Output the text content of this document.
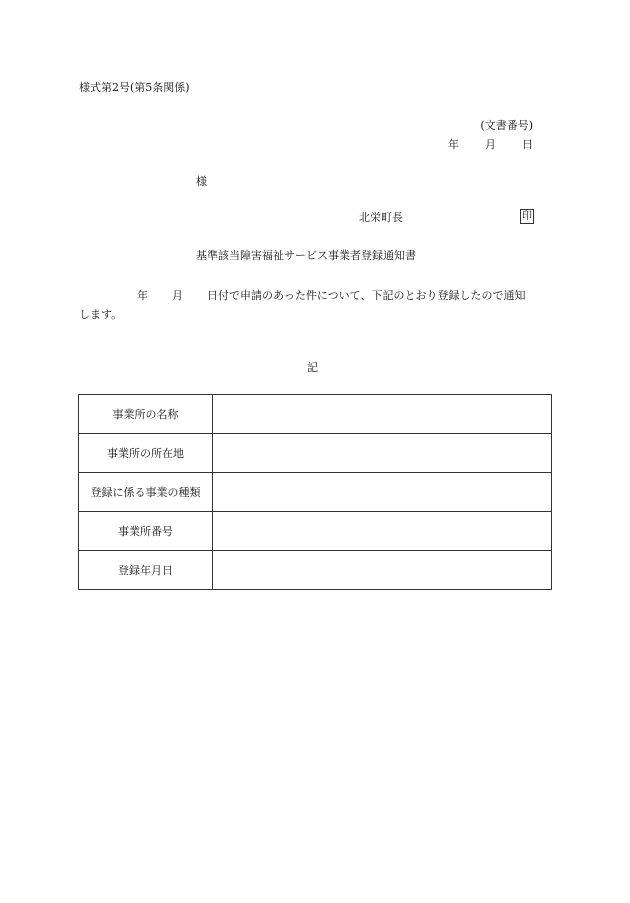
様式第2号(第5条関係)
(文書番号)
年 月 日
様
北栄町長	印
基準該当障害福祉サービス事業者登録通知書
年 月 日付で申請のあった件について、下記のとおり登録したので通知
します。
記
事業所の名称	
事業所の所在地	
登録に係る事業の種類	
事業所番号	
登録年月日	
